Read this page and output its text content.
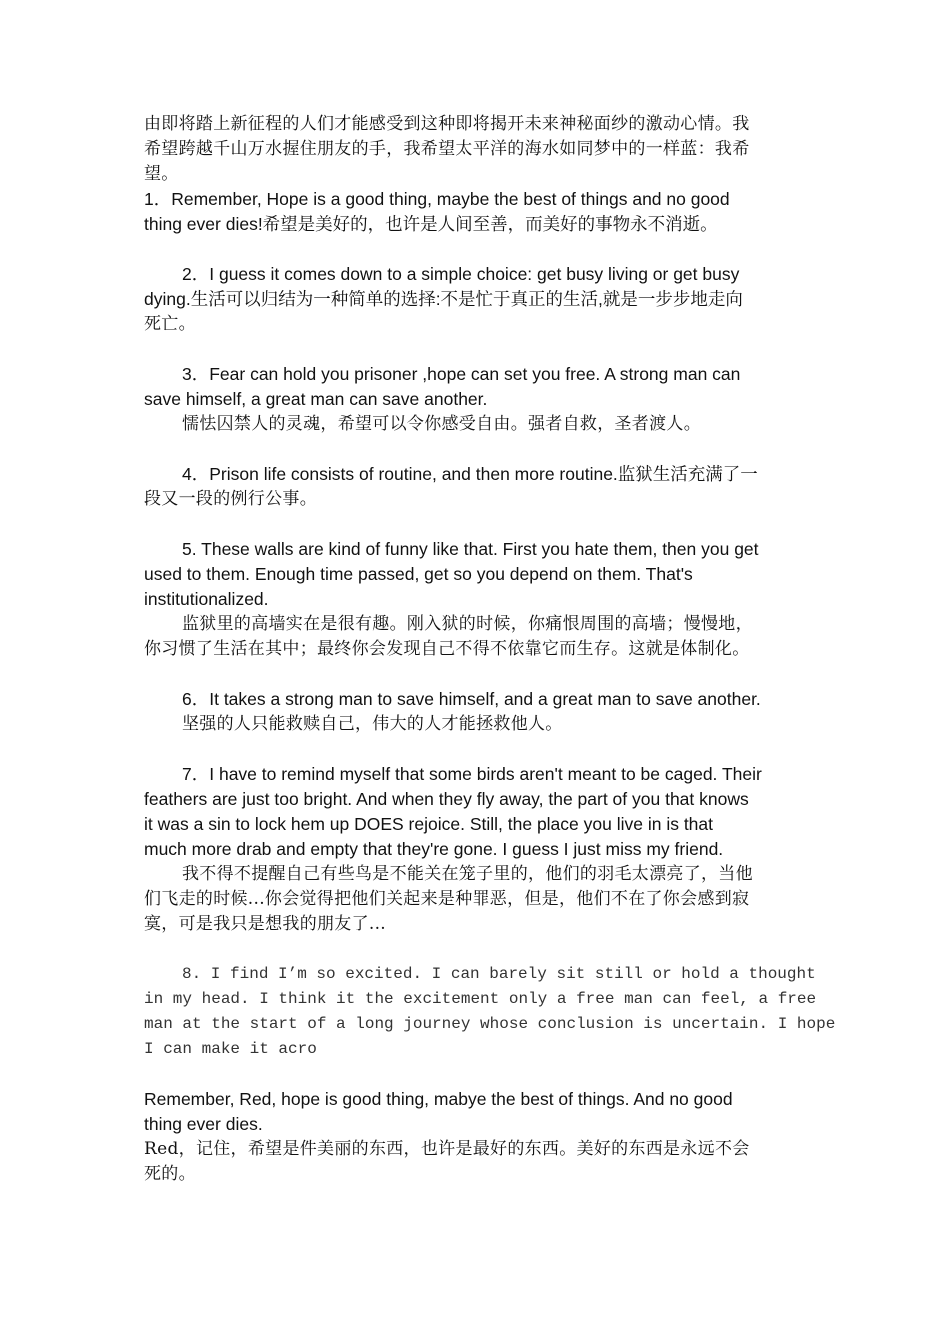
由即将踏上新征程的人们才能感受到这种即将揭开未来神秘面纱的激动心情。我
希望跨越千山万水握住朋友的手，我希望太平洋的海水如同梦中的一样蓝：我希
望。
1．Remember, Hope is a good thing, maybe the best of things and no good
thing ever dies!希望是美好的，也许是人间至善，而美好的事物永不消逝。
2．I guess it comes down to a simple choice: get busy living or get busy
dying.生活可以归结为一种简单的选择:不是忙于真正的生活,就是一步步地走向
死亡。
3．Fear can hold you prisoner ,hope can set you free. A strong man can
save himself, a great man can save another.
懦怯囚禁人的灵魂，希望可以令你感受自由。强者自救，圣者渡人。
4．Prison life consists of routine, and then more routine.监狱生活充满了一
段又一段的例行公事。
5. These walls are kind of funny like that. First you hate them, then you get
used to them. Enough time passed, get so you depend on them. That's
institutionalized.
监狱里的高墙实在是很有趣。刚入狱的时候，你痛恨周围的高墙；慢慢地，
你习惯了生活在其中；最终你会发现自己不得不依靠它而生存。这就是体制化。
6．It takes a strong man to save himself, and a great man to save another.
坚强的人只能救赎自己，伟大的人才能拯救他人。
7．I have to remind myself that some birds aren't meant to be caged. Their
feathers are just too bright. And when they fly away, the part of you that knows
it was a sin to lock hem up DOES rejoice. Still, the place you live in is that
much more drab and empty that they're gone. I guess I just miss my friend.
我不得不提醒自己有些鸟是不能关在笼子里的，他们的羽毛太漂亮了，当他
们飞走的时候...你会觉得把他们关起来是种罪恶，但是，他们不在了你会感到寂
寞，可是我只是想我的朋友了...
8. I find I’m so excited. I can barely sit still or hold a thought
in my head. I think it the excitement only a free man can feel, a free
man at the start of a long journey whose conclusion is uncertain. I hope
I can make it acro
Remember, Red, hope is good thing, mabye the best of things. And no good
thing ever dies.
Red，记住，希望是件美丽的东西，也许是最好的东西。美好的东西是永远不会
死的。
